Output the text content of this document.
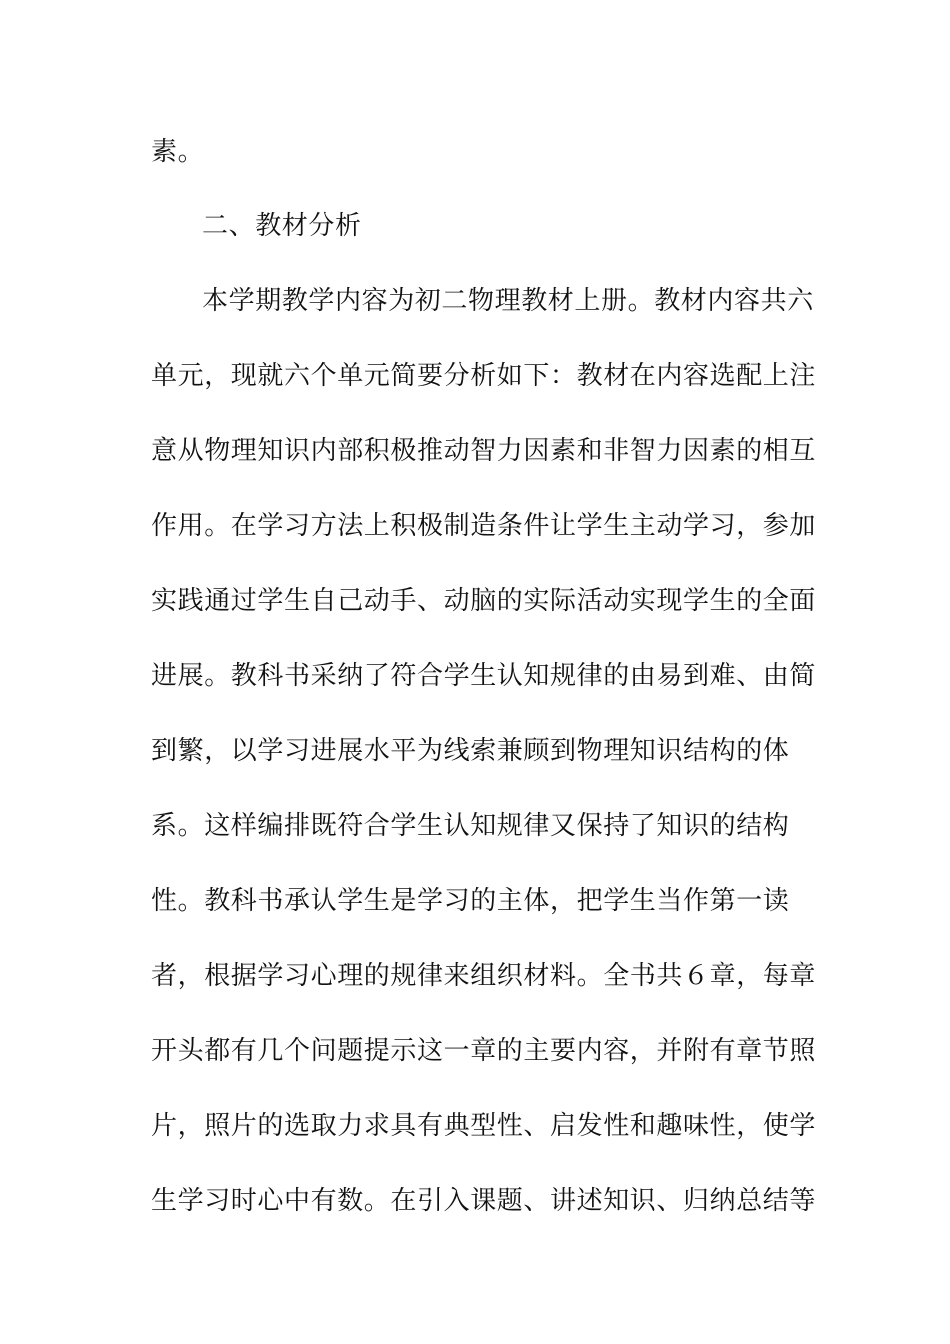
素。
二、教材分析
本学期教学内容为初二物理教材上册。教材内容共六
单元，现就六个单元简要分析如下：教材在内容选配上注
意从物理知识内部积极推动智力因素和非智力因素的相互
作用。在学习方法上积极制造条件让学生主动学习，参加
实践通过学生自己动手、动脑的实际活动实现学生的全面
进展。教科书采纳了符合学生认知规律的由易到难、由简
到繁，以学习进展水平为线索兼顾到物理知识结构的体
系。这样编排既符合学生认知规律又保持了知识的结构
性。教科书承认学生是学习的主体，把学生当作第一读
者，根据学习心理的规律来组织材料。全书共６章，每章
开头都有几个问题提示这一章的主要内容，并附有章节照
片，照片的选取力求具有典型性、启发性和趣味性，使学
生学习时心中有数。在引入课题、讲述知识、归纳总结等
